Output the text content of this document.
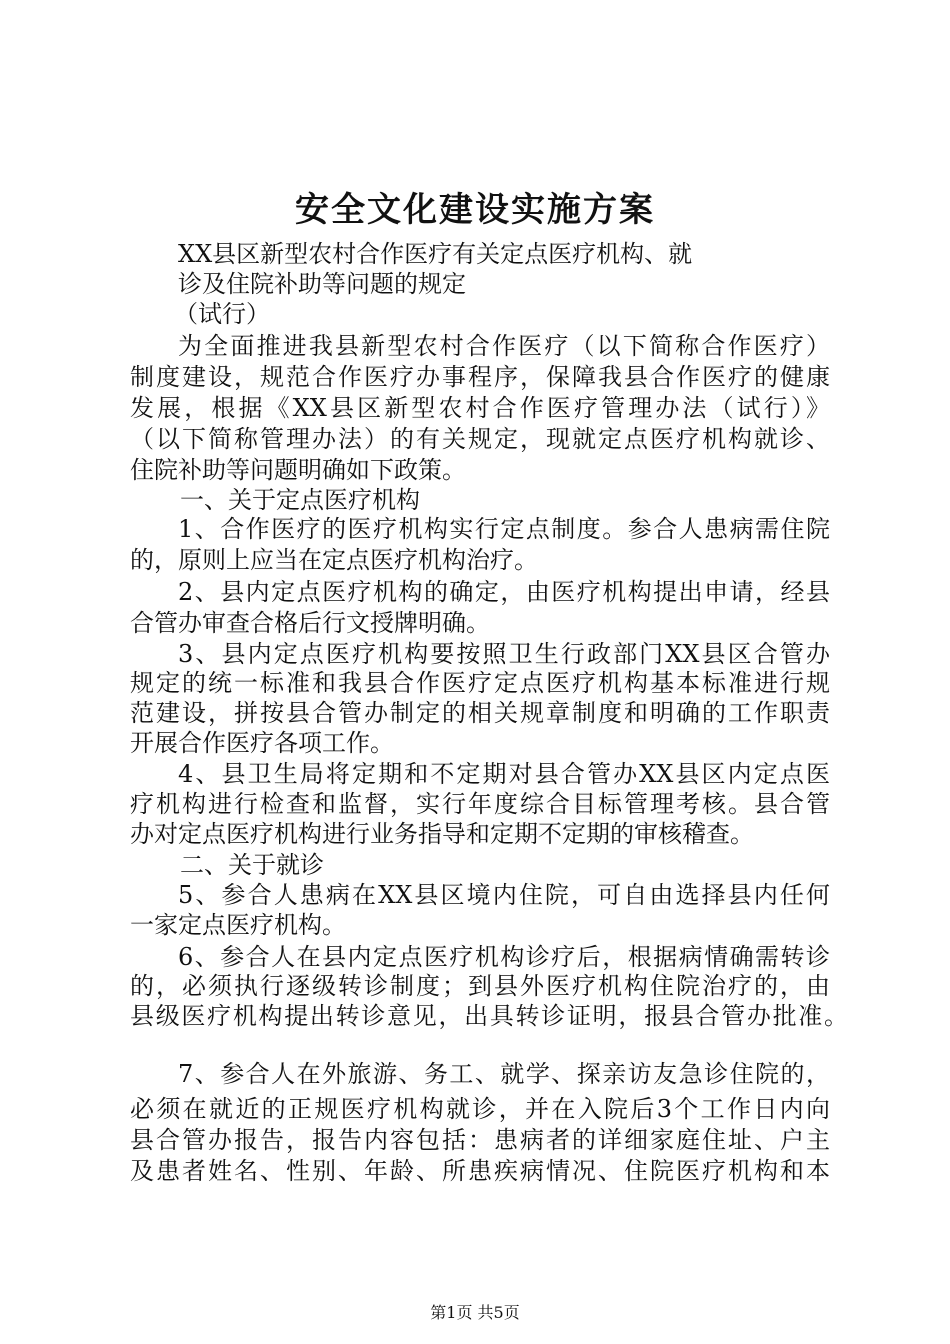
安全文化建设实施方案
XX县区新型农村合作医疗有关定点医疗机构、就
诊及住院补助等问题的规定
（试行）
为全面推进我县新型农村合作医疗（以下简称合作医疗）
制度建设，规范合作医疗办事程序，保障我县合作医疗的健康
发展，根据《XX县区新型农村合作医疗管理办法（试行）》
（以下简称管理办法）的有关规定，现就定点医疗机构就诊、
住院补助等问题明确如下政策。
一、关于定点医疗机构
1、合作医疗的医疗机构实行定点制度。参合人患病需住院
的，原则上应当在定点医疗机构治疗。
2、县内定点医疗机构的确定，由医疗机构提出申请，经县
合管办审查合格后行文授牌明确。
3、县内定点医疗机构要按照卫生行政部门XX县区合管办
规定的统一标准和我县合作医疗定点医疗机构基本标准进行规
范建设，拼按县合管办制定的相关规章制度和明确的工作职责
开展合作医疗各项工作。
4、县卫生局将定期和不定期对县合管办XX县区内定点医
疗机构进行检查和监督，实行年度综合目标管理考核。县合管
办对定点医疗机构进行业务指导和定期不定期的审核稽查。
二、关于就诊
5、参合人患病在XX县区境内住院，可自由选择县内任何
一家定点医疗机构。
6、参合人在县内定点医疗机构诊疗后，根据病情确需转诊
的，必须执行逐级转诊制度；到县外医疗机构住院治疗的，由
县级医疗机构提出转诊意见，出具转诊证明，报县合管办批准。
7、参合人在外旅游、务工、就学、探亲访友急诊住院的，
必须在就近的正规医疗机构就诊，并在入院后3个工作日内向
县合管办报告，报告内容包括：患病者的详细家庭住址、户主
及患者姓名、性别、年龄、所患疾病情况、住院医疗机构和本
第1页 共5页
